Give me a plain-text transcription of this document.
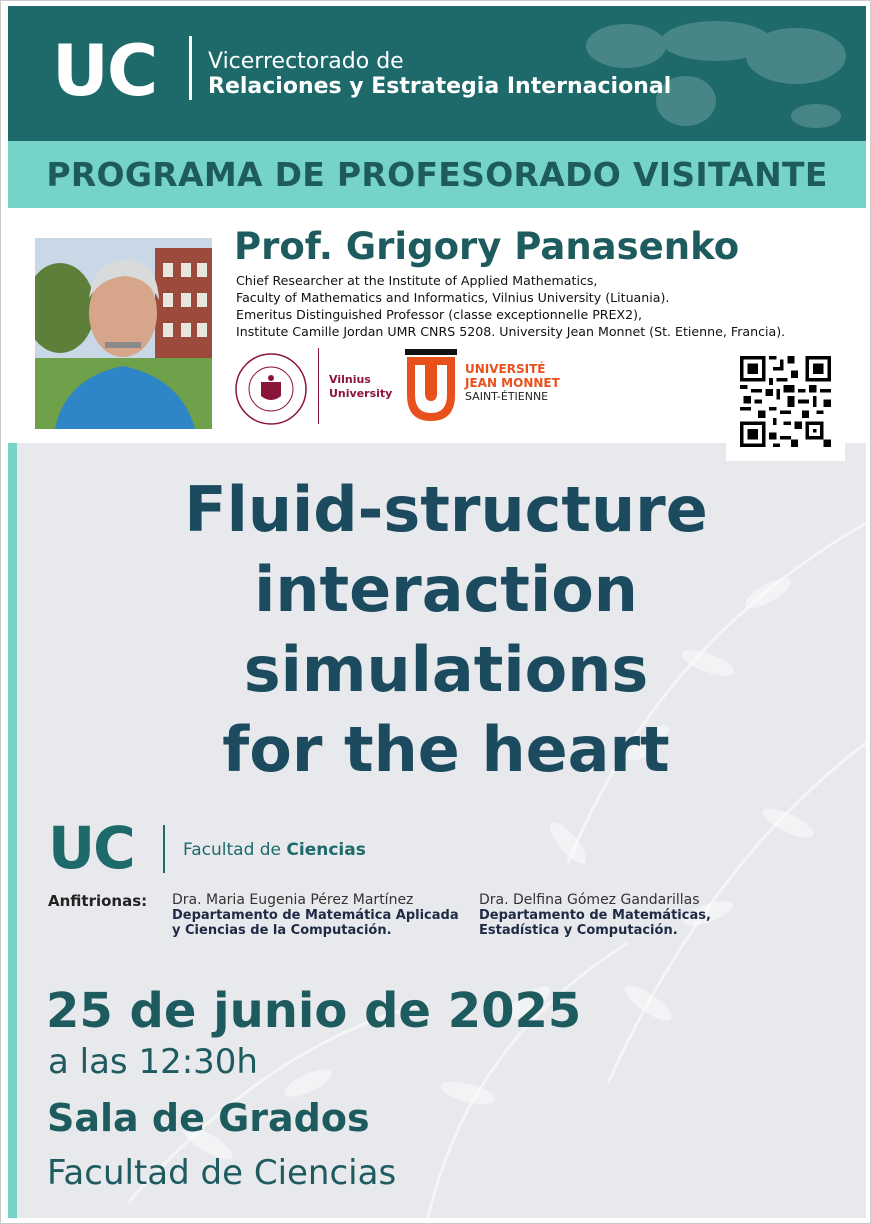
UC Vicerrectorado de
Relaciones y Estrategia Internacional
PROGRAMA DE PROFESORADO VISITANTE
Prof. Grigory Panasenko
Chief Researcher at the Institute of Applied Mathematics,
Faculty of Mathematics and Informatics, Vilnius University (Lituania).
Emeritus Distinguished Professor (classe exceptionnelle PREX2),
Institute Camille Jordan UMR CNRS 5208. University Jean Monnet (St. Etienne, Francia).
Vilnius
University
UNIVERSITÉ
JEAN MONNET
SAINT-ÉTIENNE
Fluid-structure
interaction
simulations
for the heart
UC	Facultad de Ciencias
Anfitrionas: Dra. Maria Eugenia Pérez Martínez
Departamento de Matemática Aplicada
y Ciencias de la Computación.
Dra. Delfina Gómez Gandarillas
Departamento de Matemáticas,
Estadística y Computación.
25 de junio de 2025
a las 12:30h
Sala de Grados
Facultad de Ciencias
